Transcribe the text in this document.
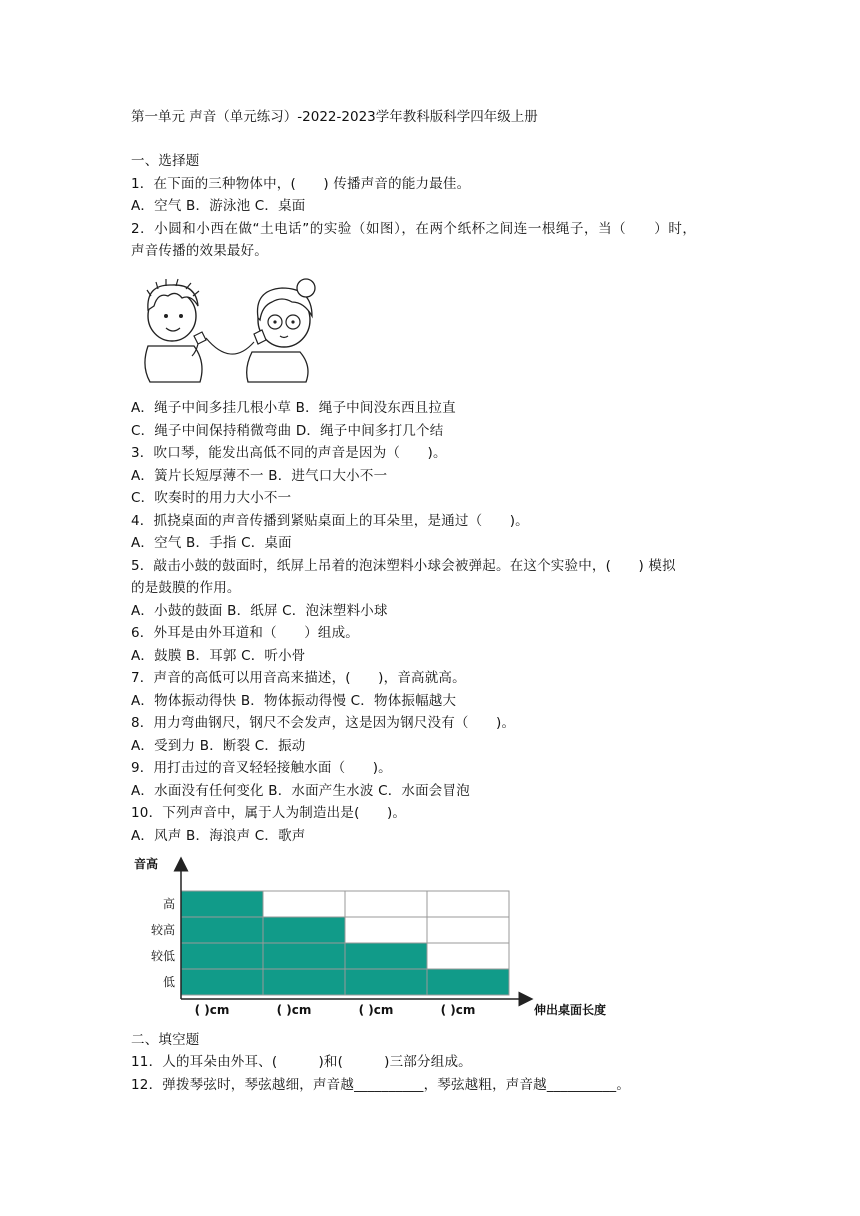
第一单元 声音（单元练习）-2022-2023学年教科版科学四年级上册
一、选择题
1．在下面的三种物体中，(　　) 传播声音的能力最佳。
A．空气 B．游泳池 C．桌面
2．小圆和小西在做“土电话”的实验（如图），在两个纸杯之间连一根绳子，当（　　）时，
声音传播的效果最好。
A．绳子中间多挂几根小草 B．绳子中间没东西且拉直
C．绳子中间保持稍微弯曲 D．绳子中间多打几个结
3．吹口琴，能发出高低不同的声音是因为（　　)。
A．簧片长短厚薄不一 B．进气口大小不一
C．吹奏时的用力大小不一
4．抓挠桌面的声音传播到紧贴桌面上的耳朵里，是通过（　　)。
A．空气 B．手指 C．桌面
5．敲击小鼓的鼓面时，纸屏上吊着的泡沫塑料小球会被弹起。在这个实验中，(　　) 模拟
的是鼓膜的作用。
A．小鼓的鼓面 B．纸屏 C．泡沫塑料小球
6．外耳是由外耳道和（　　）组成。
A．鼓膜 B．耳郭 C．听小骨
7．声音的高低可以用音高来描述，(　　)，音高就高。
A．物体振动得快 B．物体振动得慢 C．物体振幅越大
8．用力弯曲钢尺，钢尺不会发声，这是因为钢尺没有（　　)。
A．受到力 B．断裂 C．振动
9．用打击过的音叉轻轻接触水面（　　)。
A．水面没有任何变化 B．水面产生水波 C．水面会冒泡
10．下列声音中，属于人为制造出是(　　)。
A．风声 B．海浪声 C．歌声
音高
高
较高
较低
低
( )cm	( )cm	( )cm	( )cm	伸出桌面长度
二、填空题
11．人的耳朵由外耳、(　　　)和(　　　)三部分组成。
12．弹拨琴弦时，琴弦越细，声音越__________，琴弦越粗，声音越__________。
